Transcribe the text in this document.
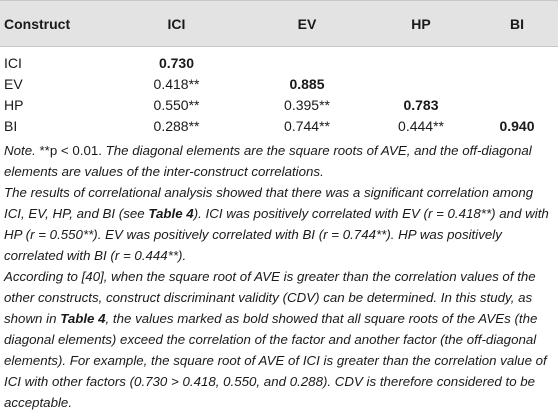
Construct	ICI	EV	HP	BI
ICI	0.730			
EV	0.418**	0.885		
HP	0.550**	0.395**	0.783	
BI	0.288**	0.744**	0.444**	0.940

Note. **p < 0.01. The diagonal elements are the square roots of AVE, and the off-diagonal elements are values of the inter-construct correlations.

The results of correlational analysis showed that there was a significant correlation among ICI, EV, HP, and BI (see Table 4). ICI was positively correlated with EV (r = 0.418**) and with HP (r = 0.550**). EV was positively correlated with BI (r = 0.744**). HP was positively correlated with BI (r = 0.444**).

According to [40], when the square root of AVE is greater than the correlation values of the other constructs, construct discriminant validity (CDV) can be determined. In this study, as shown in Table 4, the values marked as bold showed that all square roots of the AVEs (the diagonal elements) exceed the correlation of the factor and another factor (the off-diagonal elements). For example, the square root of AVE of ICI is greater than the correlation value of ICI with other factors (0.730 > 0.418, 0.550, and 0.288). CDV is therefore considered to be acceptable.
